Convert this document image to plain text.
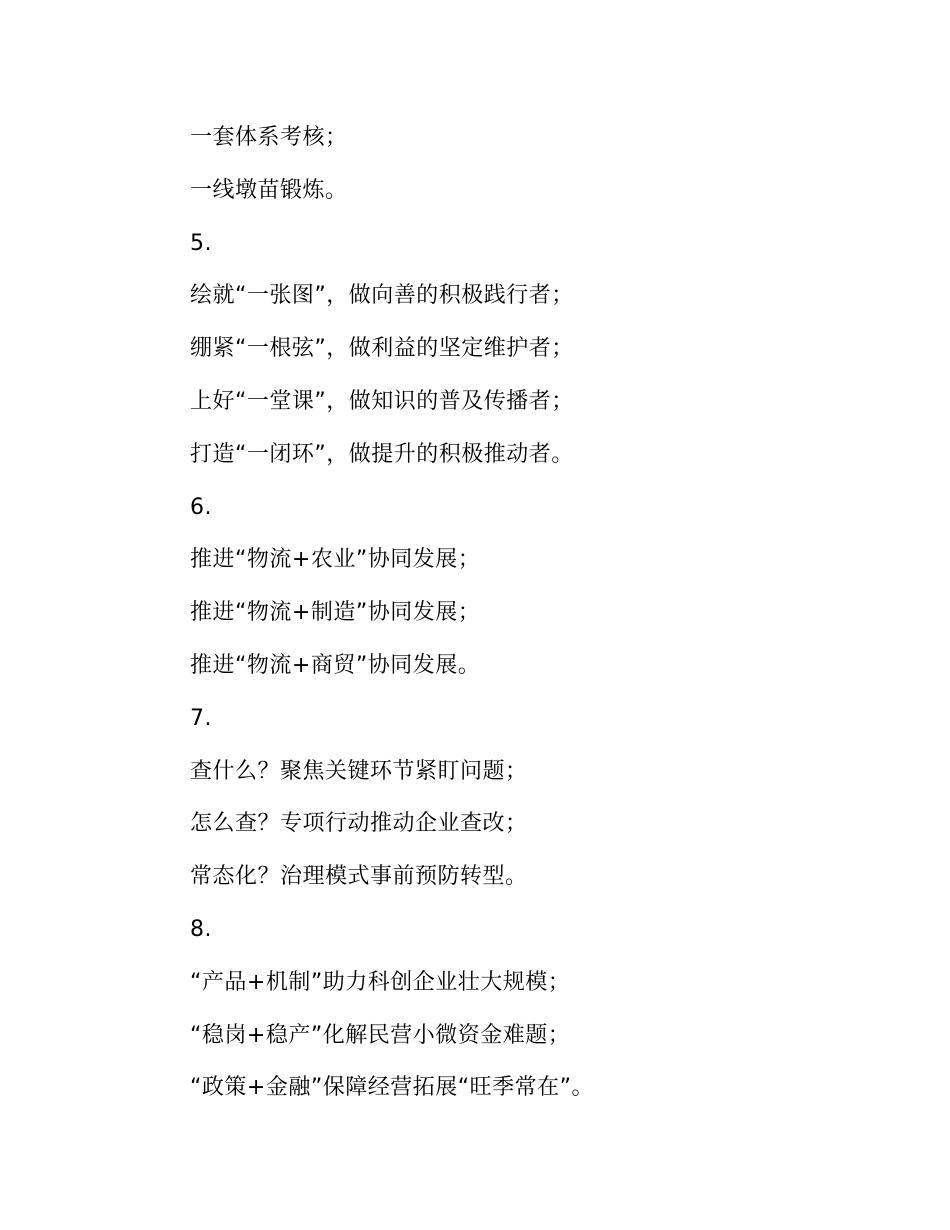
一套体系考核；
一线墩苗锻炼。
5.
绘就“一张图”，做向善的积极践行者；
绷紧“一根弦”，做利益的坚定维护者；
上好“一堂课”，做知识的普及传播者；
打造“一闭环”，做提升的积极推动者。
6.
推进“物流+农业”协同发展；
推进“物流+制造”协同发展；
推进“物流+商贸”协同发展。
7.
查什么？聚焦关键环节紧盯问题；
怎么查？专项行动推动企业查改；
常态化？治理模式事前预防转型。
8.
“产品+机制”助力科创企业壮大规模；
“稳岗+稳产”化解民营小微资金难题；
“政策+金融”保障经营拓展“旺季常在”。
